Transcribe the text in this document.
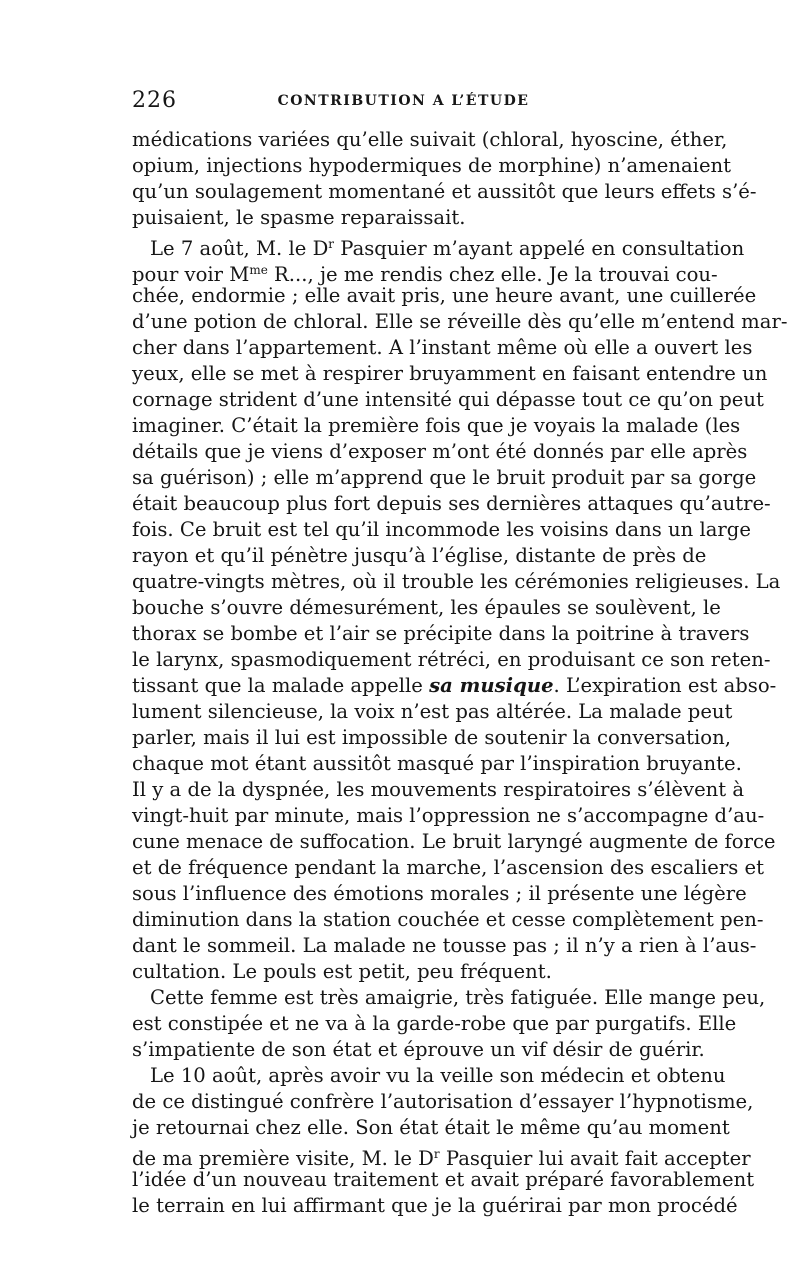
226	CONTRIBUTION A L’ÉTUDE
médications variées qu’elle suivait (chloral, hyoscine, éther,
opium, injections hypodermiques de morphine) n’amenaient
qu’un soulagement momentané et aussitôt que leurs effets s’é-
puisaient, le spasme reparaissait.
Le 7 août, M. le $D^r$ Pasquier m’ayant appelé en consultation
pour voir $M^{me}$ R..., je me rendis chez elle. Je la trouvai cou-
chée, endormie ; elle avait pris, une heure avant, une cuillerée
d’une potion de chloral. Elle se réveille dès qu’elle m’entend mar-
cher dans l’appartement. A l’instant même où elle a ouvert les
yeux, elle se met à respirer bruyamment en faisant entendre un
cornage strident d’une intensité qui dépasse tout ce qu’on peut
imaginer. C’était la première fois que je voyais la malade (les
détails que je viens d’exposer m’ont été donnés par elle après
sa guérison) ; elle m’apprend que le bruit produit par sa gorge
était beaucoup plus fort depuis ses dernières attaques qu’autre-
fois. Ce bruit est tel qu’il incommode les voisins dans un large
rayon et qu’il pénètre jusqu’à l’église, distante de près de
quatre-vingts mètres, où il trouble les cérémonies religieuses. La
bouche s’ouvre démesurément, les épaules se soulèvent, le
thorax se bombe et l’air se précipite dans la poitrine à travers
le larynx, spasmodiquement rétréci, en produisant ce son reten-
tissant que la malade appelle sa musique. L’expiration est abso-
lument silencieuse, la voix n’est pas altérée. La malade peut
parler, mais il lui est impossible de soutenir la conversation,
chaque mot étant aussitôt masqué par l’inspiration bruyante.
Il y a de la dyspnée, les mouvements respiratoires s’élèvent à
vingt-huit par minute, mais l’oppression ne s’accompagne d’au-
cune menace de suffocation. Le bruit laryngé augmente de force
et de fréquence pendant la marche, l’ascension des escaliers et
sous l’influence des émotions morales ; il présente une légère
diminution dans la station couchée et cesse complètement pen-
dant le sommeil. La malade ne tousse pas ; il n’y a rien à l’aus-
cultation. Le pouls est petit, peu fréquent.
Cette femme est très amaigrie, très fatiguée. Elle mange peu,
est constipée et ne va à la garde-robe que par purgatifs. Elle
s’impatiente de son état et éprouve un vif désir de guérir.
Le 10 août, après avoir vu la veille son médecin et obtenu
de ce distingué confrère l’autorisation d’essayer l’hypnotisme,
je retournai chez elle. Son état était le même qu’au moment
de ma première visite, M. le $D^r$ Pasquier lui avait fait accepter
l’idée d’un nouveau traitement et avait préparé favorablement
le terrain en lui affirmant que je la guérirai par mon procédé
